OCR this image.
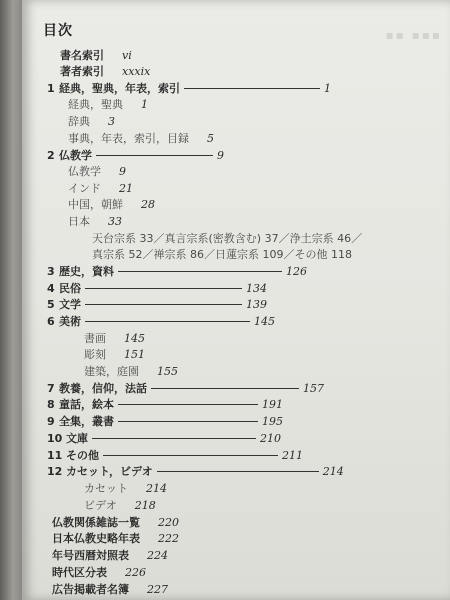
▪▪ ▪▪▪
目次
書名索引 vi
著者索引 xxxix
1 経典，聖典，年表，索引	1
経典，聖典 1
辞典 3
事典，年表，索引，目録 5
2 仏教学	9
仏教学 9
インド 21
中国，朝鮮 28
日本 33
天台宗系 33／真言宗系(密教含む) 37／浄土宗系 46／
真宗系 52／禅宗系 86／日蓮宗系 109／その他 118
3 歴史，資料	126
4 民俗	134
5 文学	139
6 美術	145
書画 145
彫刻 151
建築，庭園 155
7 教養，信仰，法話	157
8 童話，絵本	191
9 全集，叢書	195
10 文庫	210
11 その他	211
12 カセット，ビデオ	214
カセット 214
ビデオ 218
仏教関係雑誌一覧 220
日本仏教史略年表 222
年号西暦対照表 224
時代区分表 226
広告掲載者名簿 227
